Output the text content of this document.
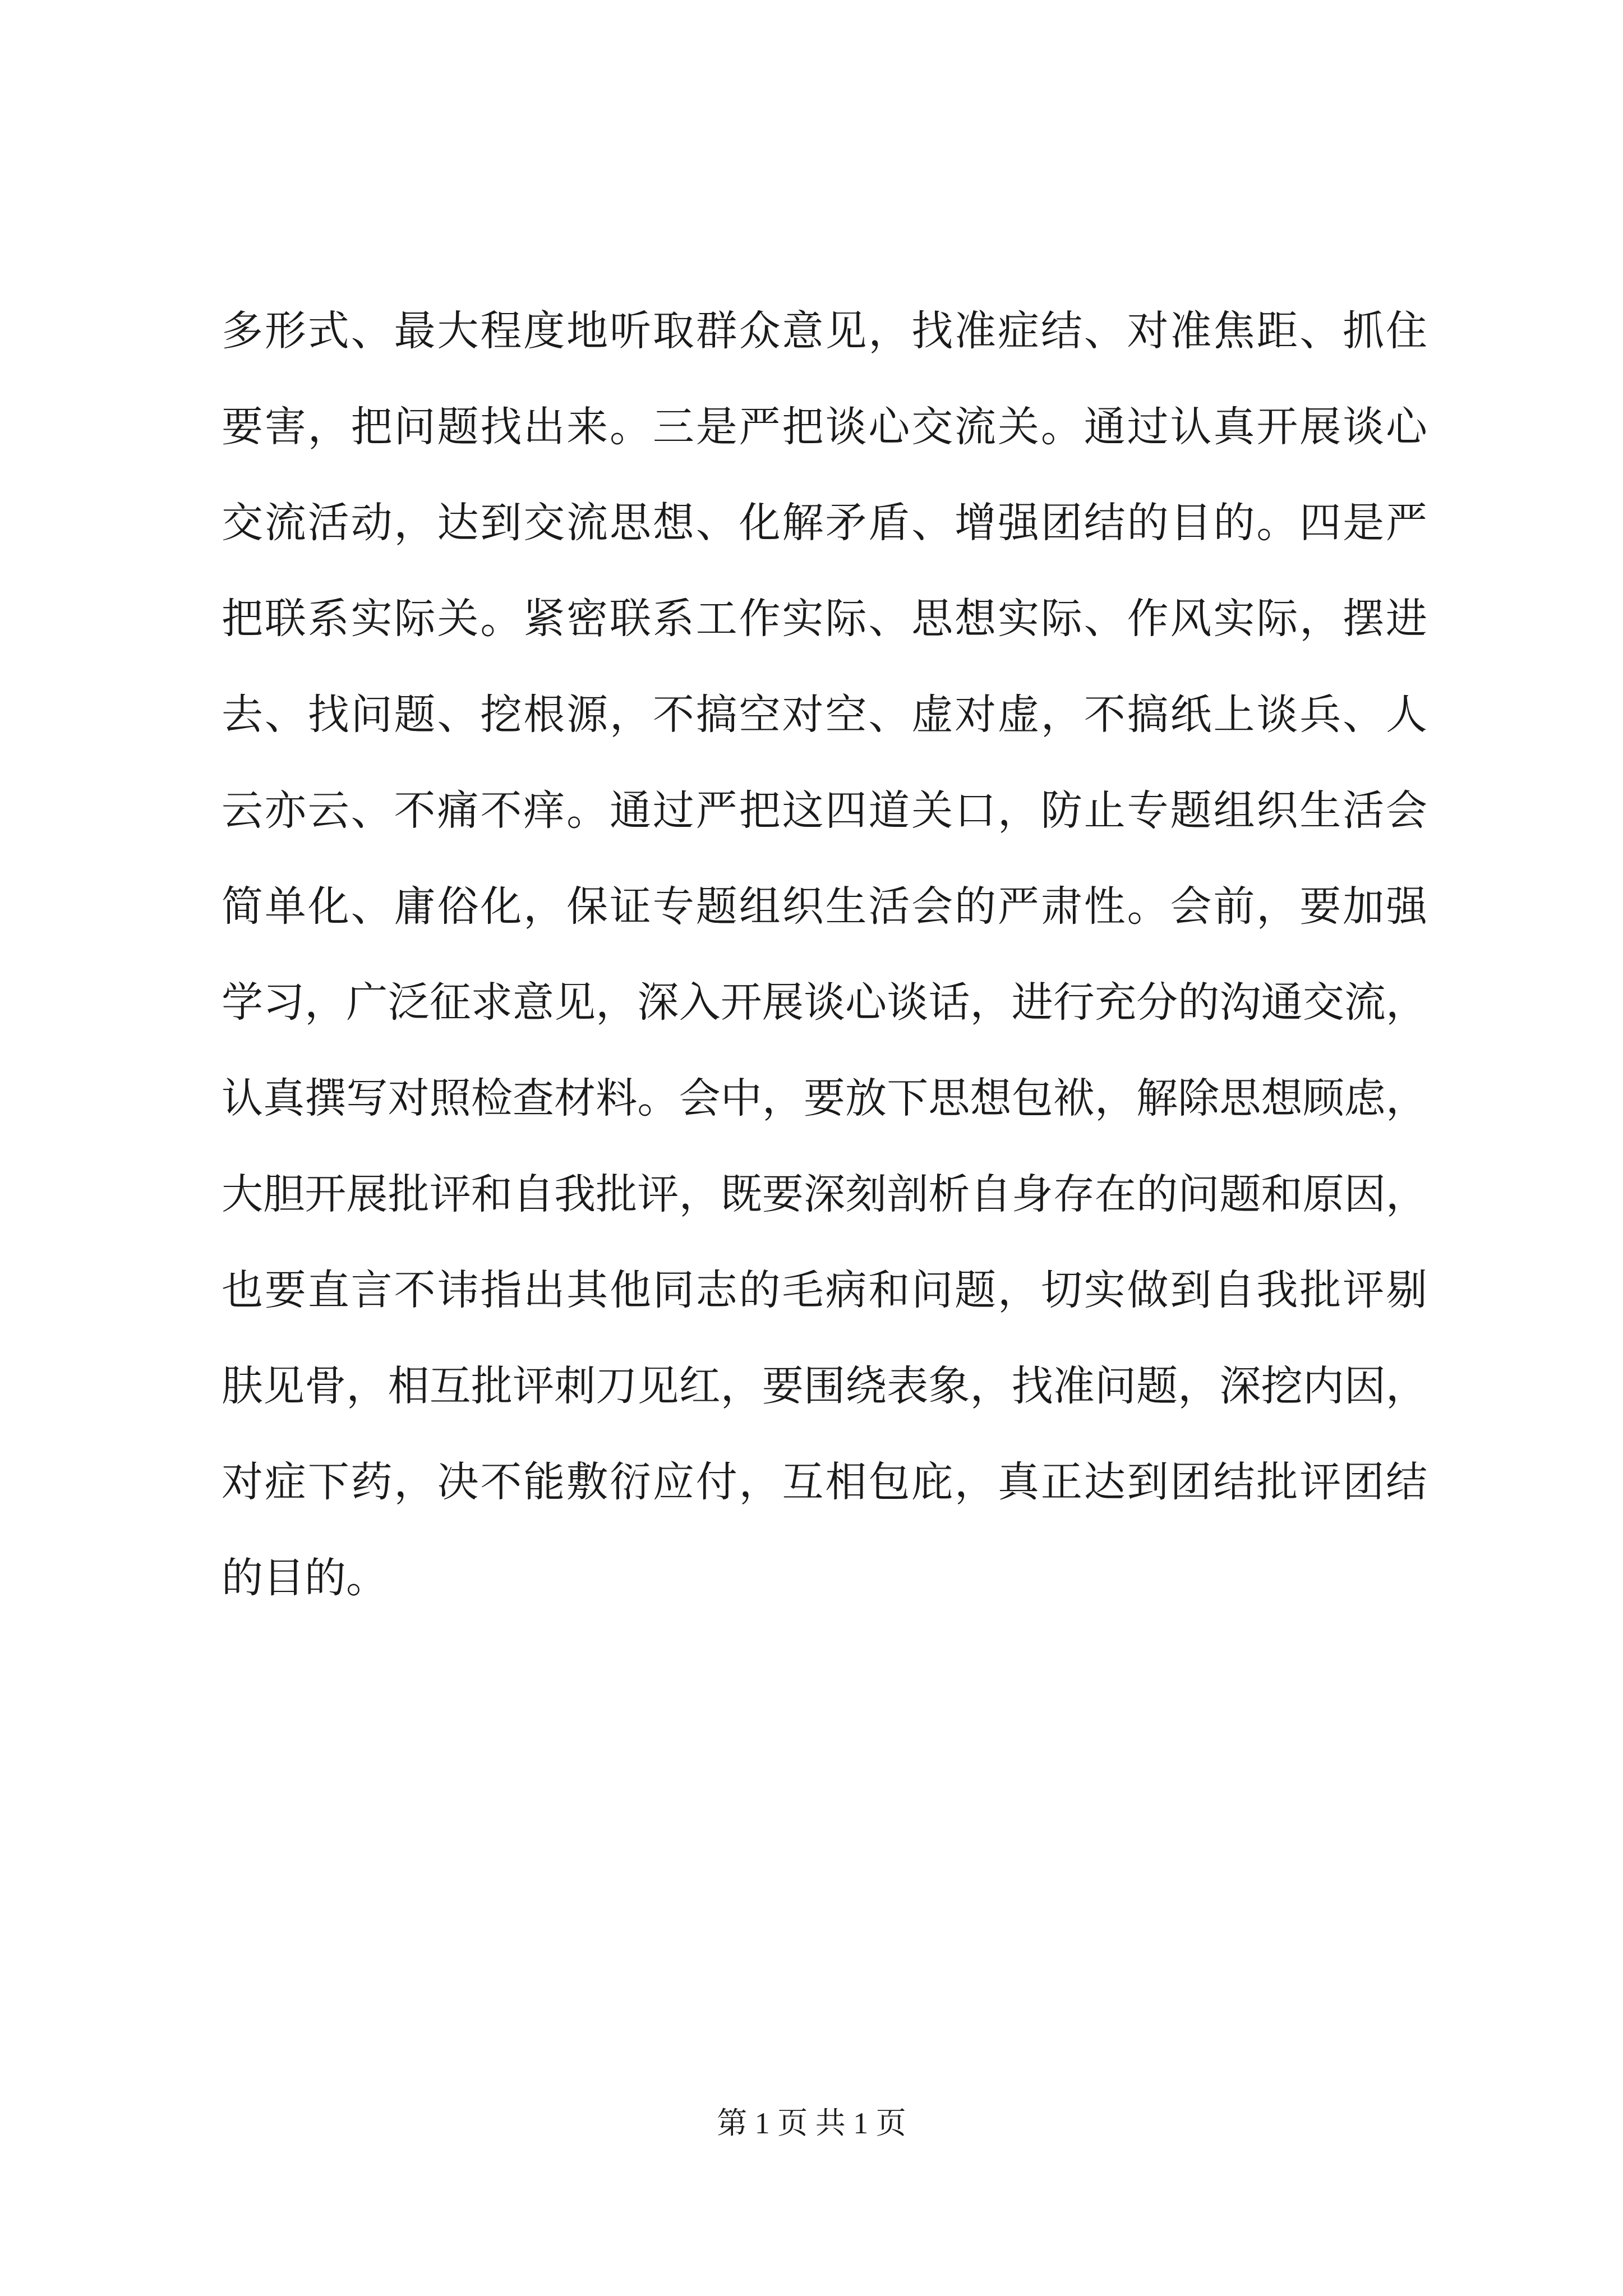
多形式、最大程度地听取群众意见，找准症结、对准焦距、抓住
要害，把问题找出来。三是严把谈心交流关。通过认真开展谈心
交流活动，达到交流思想、化解矛盾、增强团结的目的。四是严
把联系实际关。紧密联系工作实际、思想实际、作风实际，摆进
去、找问题、挖根源，不搞空对空、虚对虚，不搞纸上谈兵、人
云亦云、不痛不痒。通过严把这四道关口，防止专题组织生活会
简单化、庸俗化，保证专题组织生活会的严肃性。会前，要加强
学习，广泛征求意见，深入开展谈心谈话，进行充分的沟通交流，
认真撰写对照检查材料。会中，要放下思想包袱，解除思想顾虑，
大胆开展批评和自我批评，既要深刻剖析自身存在的问题和原因，
也要直言不讳指出其他同志的毛病和问题，切实做到自我批评剔
肤见骨，相互批评刺刀见红，要围绕表象，找准问题，深挖内因，
对症下药，决不能敷衍应付，互相包庇，真正达到团结批评团结
的目的。
第 1 页 共 1 页
